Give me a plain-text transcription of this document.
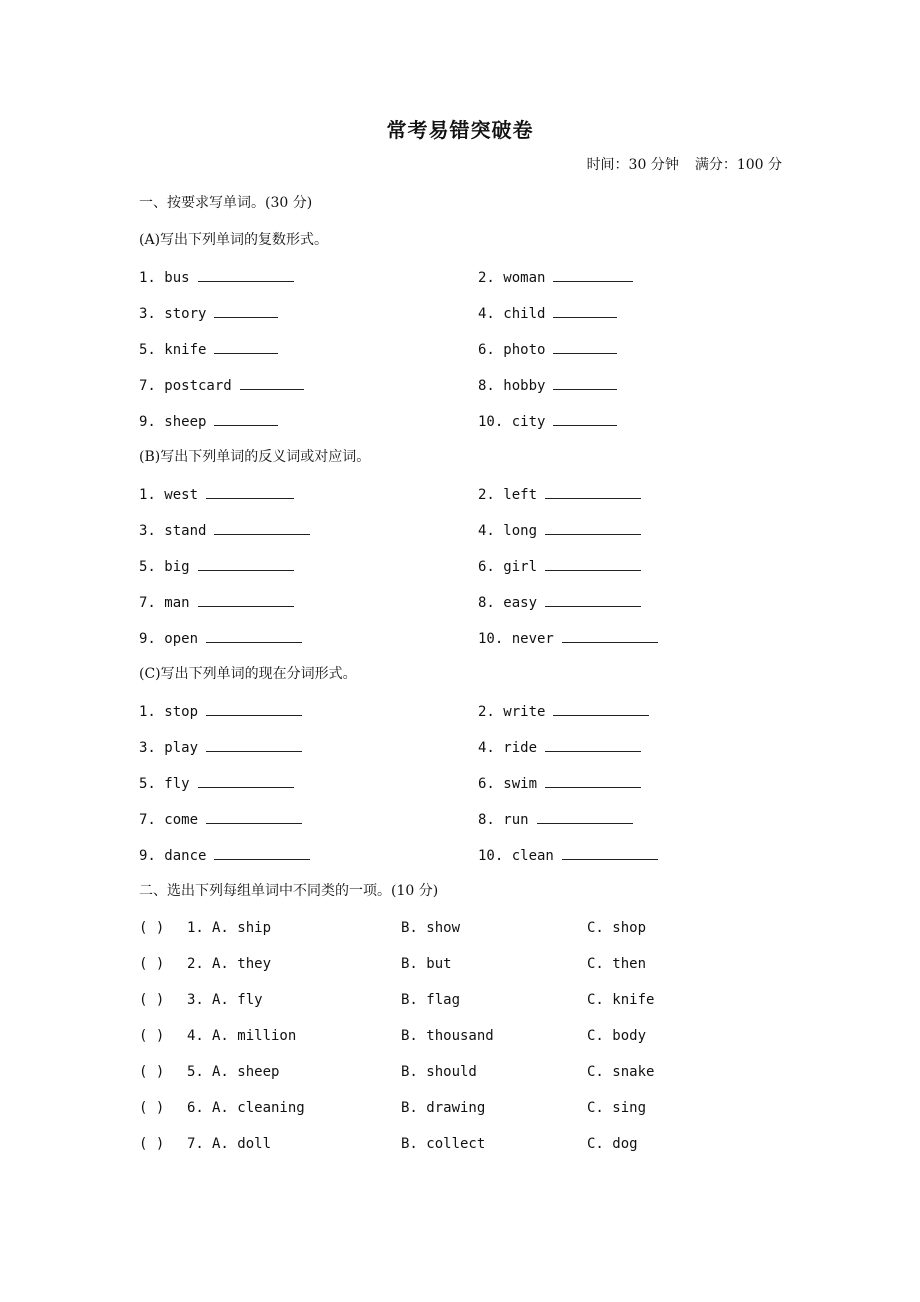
常考易错突破卷
时间：30 分钟 满分：100 分
一、按要求写单词。(30 分)
(A)写出下列单词的复数形式。
1. bus	2. woman
3. story	4. child
5. knife	6. photo
7. postcard	8. hobby
9. sheep	10. city
(B)写出下列单词的反义词或对应词。
1. west	2. left
3. stand	4. long
5. big	6. girl
7. man	8. easy
9. open	10. never
(C)写出下列单词的现在分词形式。
1. stop	2. write
3. play	4. ride
5. fly	6. swim
7. come	8. run
9. dance	10. clean
二、选出下列每组单词中不同类的一项。(10 分)
( ) 1. A. ship	B. show	C. shop
( ) 2. A. they	B. but	C. then
( ) 3. A. fly	B. flag	C. knife
( ) 4. A. million	B. thousand	C. body
( ) 5. A. sheep	B. should	C. snake
( ) 6. A. cleaning	B. drawing	C. sing
( ) 7. A. doll	B. collect	C. dog
